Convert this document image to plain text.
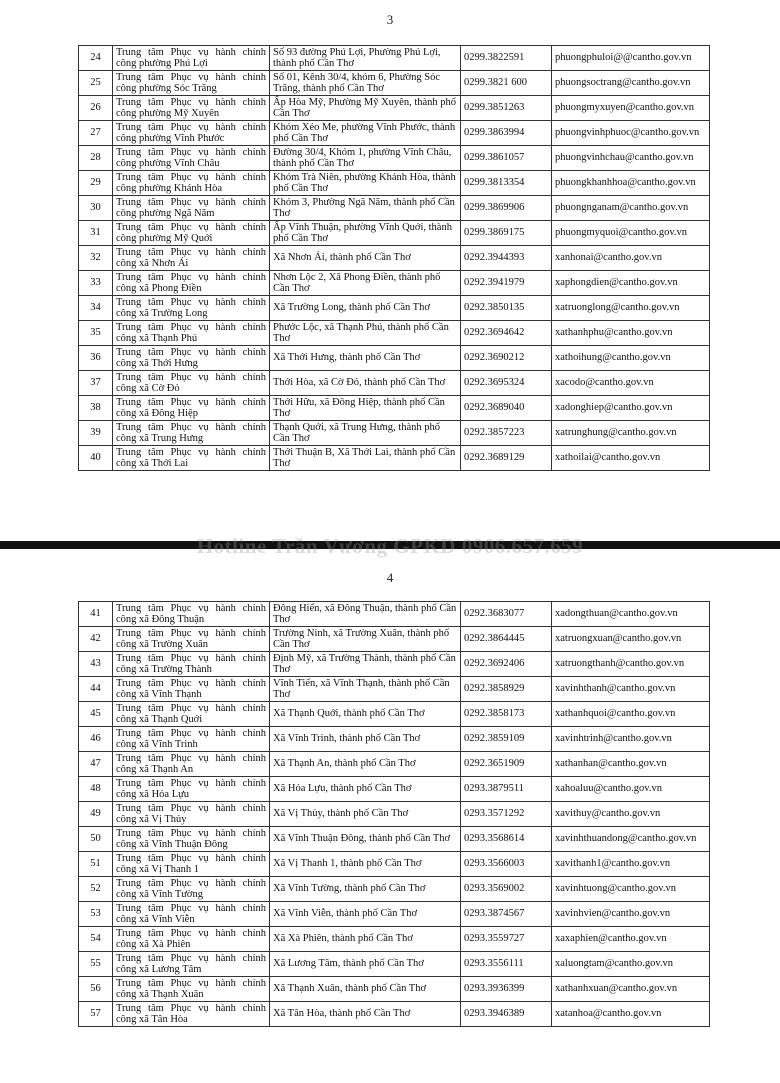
3
24	Trung tâm Phục vụ hành chính công phường Phú Lợi	Số 93 đường Phú Lợi, Phường Phú Lợi, thành phố Cần Thơ	0299.3822591	phuongphuloi@@cantho.gov.vn
25	Trung tâm Phục vụ hành chính công phường Sóc Trăng	Số 01, Kênh 30/4, khóm 6, Phường Sóc Trăng, thành phố Cần Thơ	0299.3821 600	phuongsoctrang@cantho.gov.vn
26	Trung tâm Phục vụ hành chính công phường Mỹ Xuyên	Ấp Hòa Mỹ, Phường Mỹ Xuyên, thành phố Cần Thơ	0299.3851263	phuongmyxuyen@cantho.gov.vn
27	Trung tâm Phục vụ hành chính công phường Vĩnh Phước	Khóm Xẻo Me, phường Vĩnh Phước, thành phố Cần Thơ	0299.3863994	phuongvinhphuoc@cantho.gov.vn
28	Trung tâm Phục vụ hành chính công phường Vĩnh Châu	Đường 30/4, Khóm 1, phường Vĩnh Châu, thành phố Cần Thơ	0299.3861057	phuongvinhchau@cantho.gov.vn
29	Trung tâm Phục vụ hành chính công phường Khánh Hòa	Khóm Trà Niên, phường Khánh Hòa, thành phố Cần Thơ	0299.3813354	phuongkhanhhoa@cantho.gov.vn
30	Trung tâm Phục vụ hành chính công phường Ngã Năm	Khóm 3, Phường Ngã Năm, thành phố Cần Thơ	0299.3869906	phuongnganam@cantho.gov.vn
31	Trung tâm Phục vụ hành chính công phường Mỹ Quới	Ấp Vĩnh Thuận, phường Vĩnh Quới, thành phố Cần Thơ	0299.3869175	phuongmyquoi@cantho.gov.vn
32	Trung tâm Phục vụ hành chính công xã Nhơn Ái	Xã Nhơn Ái, thành phố Cần Thơ	0292.3944393	xanhonai@cantho.gov.vn
33	Trung tâm Phục vụ hành chính công xã Phong Điền	Nhơn Lộc 2, Xã Phong Điền, thành phố Cần Thơ	0292.3941979	xaphongdien@cantho.gov.vn
34	Trung tâm Phục vụ hành chính công xã Trường Long	Xã Trường Long, thành phố Cần Thơ	0292.3850135	xatruonglong@cantho.gov.vn
35	Trung tâm Phục vụ hành chính công xã Thạnh Phú	Phước Lộc, xã Thạnh Phú, thành phố Cần Thơ	0292.3694642	xathanhphu@cantho.gov.vn
36	Trung tâm Phục vụ hành chính công xã Thới Hưng	Xã Thới Hưng, thành phố Cần Thơ	0292.3690212	xathoihung@cantho.gov.vn
37	Trung tâm Phục vụ hành chính công xã Cờ Đỏ	Thới Hòa, xã Cờ Đỏ, thành phố Cần Thơ	0292.3695324	xacodo@cantho.gov.vn
38	Trung tâm Phục vụ hành chính công xã Đông Hiệp	Thới Hữu, xã Đông Hiệp, thành phố Cần Thơ	0292.3689040	xadonghiep@cantho.gov.vn
39	Trung tâm Phục vụ hành chính công xã Trung Hưng	Thạnh Quới, xã Trung Hưng, thành phố Cần Thơ	0292.3857223	xatrunghung@cantho.gov.vn
40	Trung tâm Phục vụ hành chính công xã Thới Lai	Thới Thuận B, Xã Thới Lai, thành phố Cần Thơ	0292.3689129	xathoilai@cantho.gov.vn
Hotline Trần Vương GPKD 0906.657.659
4
41	Trung tâm Phục vụ hành chính công xã Đông Thuận	Đông Hiển, xã Đông Thuận, thành phố Cần Thơ	0292.3683077	xadongthuan@cantho.gov.vn
42	Trung tâm Phục vụ hành chính công xã Trường Xuân	Trường Ninh, xã Trường Xuân, thành phố Cần Thơ	0292.3864445	xatruongxuan@cantho.gov.vn
43	Trung tâm Phục vụ hành chính công xã Trường Thành	Định Mỹ, xã Trường Thành, thành phố Cần Thơ	0292.3692406	xatruongthanh@cantho.gov.vn
44	Trung tâm Phục vụ hành chính công xã Vĩnh Thạnh	Vĩnh Tiến, xã Vĩnh Thạnh, thành phố Cần Thơ	0292.3858929	xavinhthanh@cantho.gov.vn
45	Trung tâm Phục vụ hành chính công xã Thạnh Quới	Xã Thạnh Quới, thành phố Cần Thơ	0292.3858173	xathanhquoi@cantho.gov.vn
46	Trung tâm Phục vụ hành chính công xã Vĩnh Trinh	Xã Vĩnh Trinh, thành phố Cần Thơ	0292.3859109	xavinhtrinh@cantho.gov.vn
47	Trung tâm Phục vụ hành chính công xã Thạnh An	Xã Thạnh An, thành phố Cần Thơ	0292.3651909	xathanhan@cantho.gov.vn
48	Trung tâm Phục vụ hành chính công xã Hỏa Lựu	Xã Hỏa Lựu, thành phố Cần Thơ	0293.3879511	xahoaluu@cantho.gov.vn
49	Trung tâm Phục vụ hành chính công xã Vị Thủy	Xã Vị Thủy, thành phố Cần Thơ	0293.3571292	xavithuy@cantho.gov.vn
50	Trung tâm Phục vụ hành chính công xã Vĩnh Thuận Đông	Xã Vĩnh Thuận Đông, thành phố Cần Thơ	0293.3568614	xavinhthuandong@cantho.gov.vn
51	Trung tâm Phục vụ hành chính công xã Vị Thanh 1	Xã Vị Thanh 1, thành phố Cần Thơ	0293.3566003	xavithanh1@cantho.gov.vn
52	Trung tâm Phục vụ hành chính công xã Vĩnh Tường	Xã Vĩnh Tường, thành phố Cần Thơ	0293.3569002	xavinhtuong@cantho.gov.vn
53	Trung tâm Phục vụ hành chính công xã Vĩnh Viễn	Xã Vĩnh Viễn, thành phố Cần Thơ	0293.3874567	xavinhvien@cantho.gov.vn
54	Trung tâm Phục vụ hành chính công xã Xà Phiên	Xã Xà Phiên, thành phố Cần Thơ	0293.3559727	xaxaphien@cantho.gov.vn
55	Trung tâm Phục vụ hành chính công xã Lương Tâm	Xã Lương Tâm, thành phố Cần Thơ	0293.3556111	xaluongtam@cantho.gov.vn
56	Trung tâm Phục vụ hành chính công xã Thạnh Xuân	Xã Thạnh Xuân, thành phố Cần Thơ	0293.3936399	xathanhxuan@cantho.gov.vn
57	Trung tâm Phục vụ hành chính công xã Tân Hòa	Xã Tân Hòa, thành phố Cần Thơ	0293.3946389	xatanhoa@cantho.gov.vn
